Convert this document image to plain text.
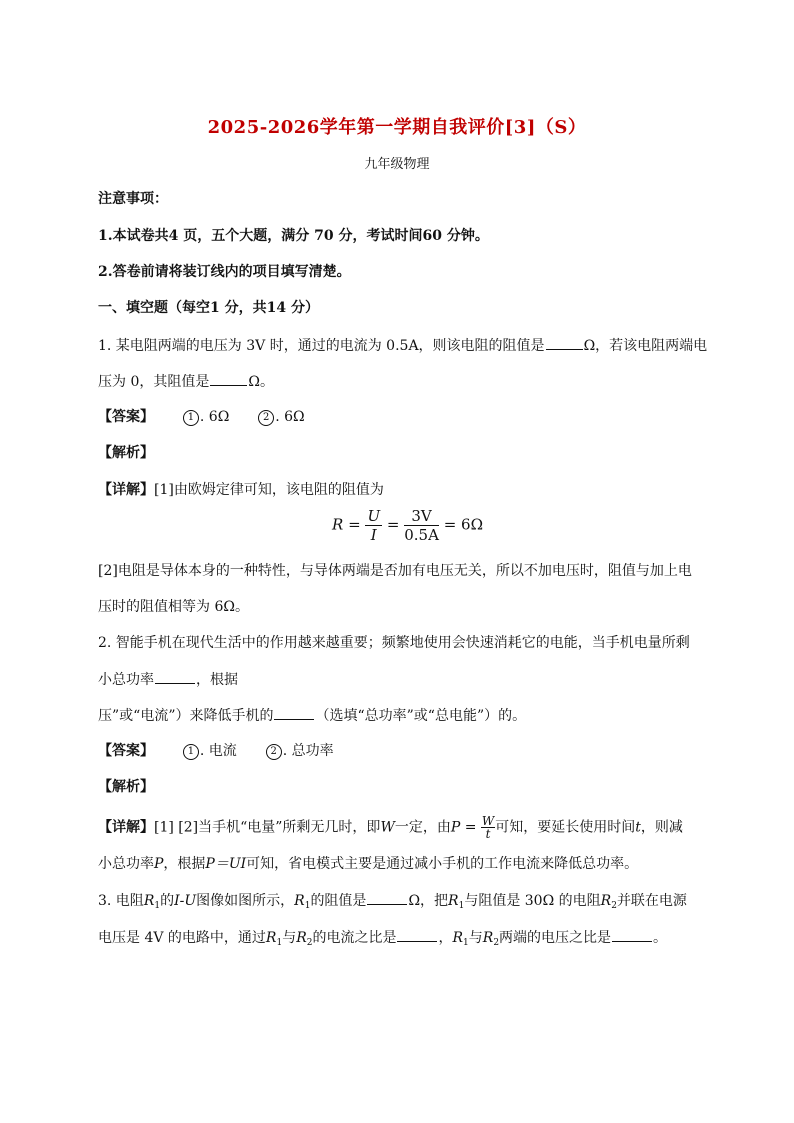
2025-2026学年第一学期自我评价[3]（S）
九年级物理
注意事项：
1.本试卷共4 页，五个大题，满分 70 分，考试时间60 分钟。
2.答卷前请将装订线内的项目填写清楚。
一、填空题（每空1 分，共14 分）
1. 某电阻两端的电压为 3V 时，通过的电流为 0.5A，则该电阻的阻值是	Ω，若该电阻两端电
压为 0，其阻值是	Ω。
【答案】	1 . 6Ω	2 . 6Ω
【解析】
【详解】[1]由欧姆定律可知，该电阻的阻值为
$R = \frac{U}{I} = \frac{3V}{0.5A} = 6\Omega$
[2]电阻是导体本身的一种特性，与导体两端是否加有电压无关，所以不加电压时，阻值与加上电
压时的阻值相等为 6Ω。
2. 智能手机在现代生活中的作用越来越重要；频繁地使用会快速消耗它的电能，当手机电量所剩
小总功率	，根据
压”或“电流”）来降低手机的	（选填“总功率”或“总电能”）的。
【答案】	1 . 电流	2 . 总功率
【解析】
【详解】[1] [2]当手机“电量”所剩无几时，即W一定，由$P = \frac{W}{t}$ 可知，要延长使用时间t，则减
小总功率P，根据P＝UI可知，省电模式主要是通过减小手机的工作电流来降低总功率。
3. 电阻$R_1$的I-U图像如图所示，$R_1$的阻值是	Ω，把$R_1$与阻值是 30Ω 的电阻$R_2$并联在电源
电压是 4V 的电路中，通过$R_1$与$R_2$的电流之比是	，$R_1$与$R_2$两端的电压之比是	。
